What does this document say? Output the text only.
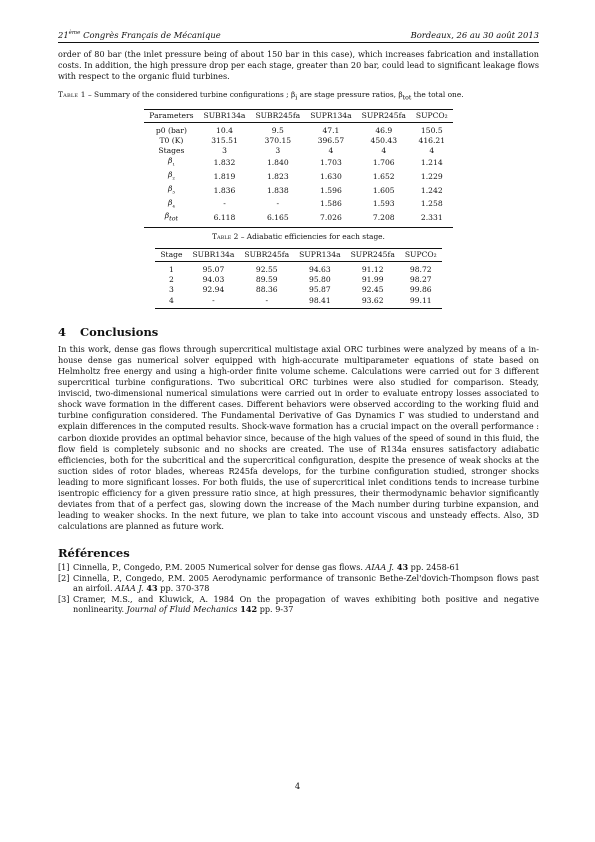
21ème Congrès Français de Mécanique	Bordeaux, 26 au 30 août 2013

order of 80 bar (the inlet pressure being of about 150 bar in this case), which increases fabrication and installation costs. In addition, the high pressure drop per each stage, greater than 20 bar, could lead to significant leakage flows with respect to the organic fluid turbines.

Table 1 – Summary of the considered turbine configurations ; $\beta_i$ are stage pressure ratios, $\beta_{tot}$ the total one.
Parameters	SUBR134a	SUBR245fa	SUPR134a	SUPR245fa	SUPCO₂
p0 (bar)	10.4	9.5	47.1	46.9	150.5
T0 (K)	315.51	370.15	396.57	450.43	416.21
Stages	3	3	4	4	4
$\beta_{_1}$	1.832	1.840	1.703	1.706	1.214
$\beta_{_2}$	1.819	1.823	1.630	1.652	1.229
$\beta_{_3}$	1.836	1.838	1.596	1.605	1.242
$\beta_{_4}$	-	-	1.586	1.593	1.258
$\beta_{tot}$	6.118	6.165	7.026	7.208	2.331
Table 2 – Adiabatic efficiencies for each stage.
Stage	SUBR134a	SUBR245fa	SUPR134a	SUPR245fa	SUPCO₂
1	95.07	92.55	94.63	91.12	98.72
2	94.03	89.59	95.80	91.99	98.27
3	92.94	88.36	95.87	92.45	99.86
4	-	-	98.41	93.62	99.11
4 Conclusions

In this work, dense gas flows through supercritical multistage axial ORC turbines were analyzed by means of a in-house dense gas numerical solver equipped with high-accurate multiparameter equations of state based on Helmholtz free energy and using a high-order finite volume scheme. Calculations were carried out for 3 different supercritical turbine configurations. Two subcritical ORC turbines were also studied for comparison. Steady, inviscid, two-dimensional numerical simulations were carried out in order to evaluate entropy losses associated to shock wave formation in the different cases. Different behaviors were observed according to the working fluid and turbine configuration considered. The Fundamental Derivative of Gas Dynamics Γ was studied to understand and explain differences in the computed results. Shock-wave formation has a crucial impact on the overall performance : carbon dioxide provides an optimal behavior since, because of the high values of the speed of sound in this fluid, the flow field is completely subsonic and no shocks are created. The use of R134a ensures satisfactory adiabatic efficiencies, both for the subcritical and the supercritical configuration, despite the presence of weak shocks at the suction sides of rotor blades, whereas R245fa develops, for the turbine configuration studied, stronger shocks leading to more significant losses. For both fluids, the use of supercritical inlet conditions tends to increase turbine isentropic efficiency for a given pressure ratio since, at high pressures, their thermodynamic behavior significantly deviates from that of a perfect gas, slowing down the increase of the Mach number during turbine expansion, and leading to weaker shocks. In the next future, we plan to take into account viscous and unsteady effects. Also, 3D calculations are planned as future work.

Références
[1] Cinnella, P., Congedo, P.M. 2005 Numerical solver for dense gas flows. AIAA J. 43 pp. 2458-61
[2] Cinnella, P., Congedo, P.M. 2005 Aerodynamic performance of transonic Bethe-Zel'dovich-Thompson flows past an airfoil. AIAA J. 43 pp. 370-378
[3] Cramer, M.S., and Kluwick, A. 1984 On the propagation of waves exhibiting both positive and negative nonlinearity. Journal of Fluid Mechanics 142 pp. 9-37
4
